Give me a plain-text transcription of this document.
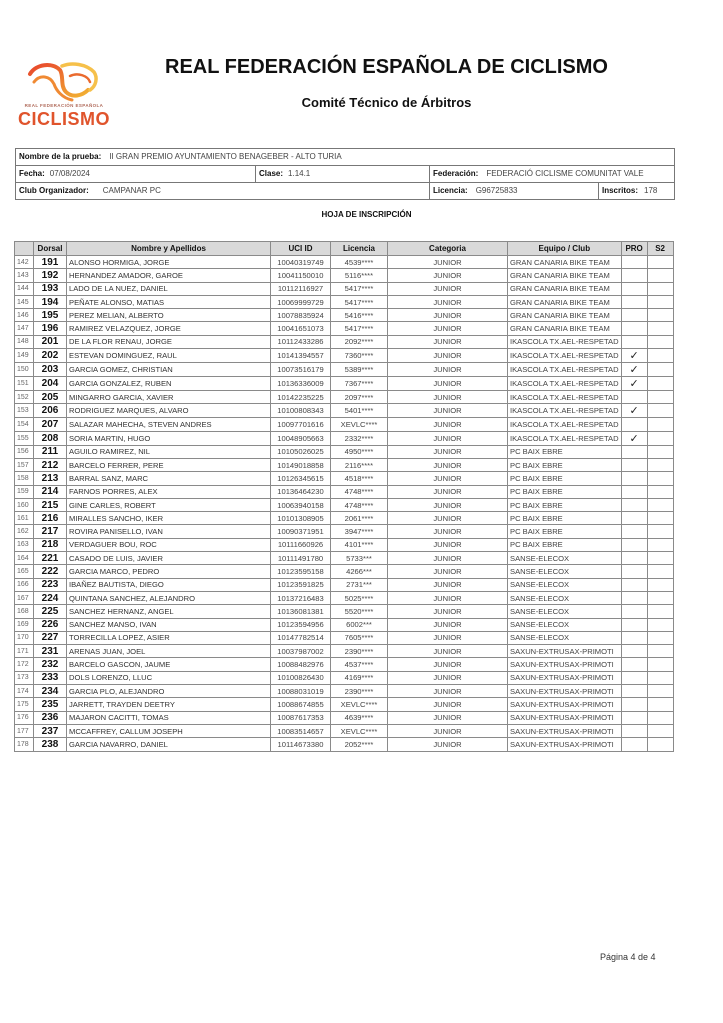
REAL FEDERACIÓN ESPAÑOLA
CICLISMO
REAL FEDERACIÓN ESPAÑOLA DE CICLISMO
Comité Técnico de Árbitros
Nombre de la prueba: II GRAN PREMIO AYUNTAMIENTO BENAGEBER - ALTO TURIA
Fecha: 07/08/2024	Clase: 1.14.1	Federación: FEDERACIÓ CICLISME COMUNITAT VALE
Club Organizador: CAMPANAR PC	Licencia: G96725833	Inscritos: 178
HOJA DE INSCRIPCIÓN
	Dorsal	Nombre y Apellidos	UCI ID	Licencia	Categoria	Equipo / Club	PRO	S2
142	191	ALONSO HORMIGA, JORGE	10040319749	4539****	JUNIOR	GRAN CANARIA BIKE TEAM		
143	192	HERNANDEZ AMADOR, GAROE	10041150010	5116****	JUNIOR	GRAN CANARIA BIKE TEAM		
144	193	LADO DE LA NUEZ, DANIEL	10112116927	5417****	JUNIOR	GRAN CANARIA BIKE TEAM		
145	194	PEÑATE ALONSO, MATIAS	10069999729	5417****	JUNIOR	GRAN CANARIA BIKE TEAM		
146	195	PEREZ MELIAN, ALBERTO	10078835924	5416****	JUNIOR	GRAN CANARIA BIKE TEAM		
147	196	RAMIREZ VELAZQUEZ, JORGE	10041651073	5417****	JUNIOR	GRAN CANARIA BIKE TEAM		
148	201	DE LA FLOR RENAU, JORGE	10112433286	2092****	JUNIOR	IKASCOLA TX.AEL-RESPETAD		
149	202	ESTEVAN DOMINGUEZ, RAUL	10141394557	7360****	JUNIOR	IKASCOLA TX.AEL-RESPETAD	✓	
150	203	GARCIA GOMEZ, CHRISTIAN	10073516179	5389****	JUNIOR	IKASCOLA TX.AEL-RESPETAD	✓	
151	204	GARCIA GONZALEZ, RUBEN	10136336009	7367****	JUNIOR	IKASCOLA TX.AEL-RESPETAD	✓	
152	205	MINGARRO GARCIA, XAVIER	10142235225	2097****	JUNIOR	IKASCOLA TX.AEL-RESPETAD		
153	206	RODRIGUEZ MARQUES, ALVARO	10100808343	5401****	JUNIOR	IKASCOLA TX.AEL-RESPETAD	✓	
154	207	SALAZAR MAHECHA, STEVEN ANDRES	10097701616	XEVLC****	JUNIOR	IKASCOLA TX.AEL-RESPETAD		
155	208	SORIA MARTIN, HUGO	10048905663	2332****	JUNIOR	IKASCOLA TX.AEL-RESPETAD	✓	
156	211	AGUILO RAMIREZ, NIL	10105026025	4950****	JUNIOR	PC BAIX EBRE		
157	212	BARCELO FERRER, PERE	10149018858	2116****	JUNIOR	PC BAIX EBRE		
158	213	BARRAL SANZ, MARC	10126345615	4518****	JUNIOR	PC BAIX EBRE		
159	214	FARNOS PORRES, ALEX	10136464230	4748****	JUNIOR	PC BAIX EBRE		
160	215	GINE CARLES, ROBERT	10063940158	4748****	JUNIOR	PC BAIX EBRE		
161	216	MIRALLES SANCHO, IKER	10101308905	2061****	JUNIOR	PC BAIX EBRE		
162	217	ROVIRA PANISELLO, IVAN	10090371951	3947****	JUNIOR	PC BAIX EBRE		
163	218	VERDAGUER BOU, ROC	10111660926	4101****	JUNIOR	PC BAIX EBRE		
164	221	CASADO DE LUIS, JAVIER	10111491780	5733***	JUNIOR	SANSE-ELECOX		
165	222	GARCIA MARCO, PEDRO	10123595158	4266***	JUNIOR	SANSE-ELECOX		
166	223	IBAÑEZ BAUTISTA, DIEGO	10123591825	2731***	JUNIOR	SANSE-ELECOX		
167	224	QUINTANA SANCHEZ, ALEJANDRO	10137216483	5025****	JUNIOR	SANSE-ELECOX		
168	225	SANCHEZ HERNANZ, ANGEL	10136081381	5520****	JUNIOR	SANSE-ELECOX		
169	226	SANCHEZ MANSO, IVAN	10123594956	6002***	JUNIOR	SANSE-ELECOX		
170	227	TORRECILLA LOPEZ, ASIER	10147782514	7605****	JUNIOR	SANSE-ELECOX		
171	231	ARENAS JUAN, JOEL	10037987002	2390****	JUNIOR	SAXUN-EXTRUSAX-PRIMOTI		
172	232	BARCELO GASCON, JAUME	10088482976	4537****	JUNIOR	SAXUN-EXTRUSAX-PRIMOTI		
173	233	DOLS LORENZO, LLUC	10100826430	4169****	JUNIOR	SAXUN-EXTRUSAX-PRIMOTI		
174	234	GARCIA PLO, ALEJANDRO	10088031019	2390****	JUNIOR	SAXUN-EXTRUSAX-PRIMOTI		
175	235	JARRETT, TRAYDEN DEETRY	10088674855	XEVLC****	JUNIOR	SAXUN-EXTRUSAX-PRIMOTI		
176	236	MAJARON CACITTI, TOMAS	10087617353	4639****	JUNIOR	SAXUN-EXTRUSAX-PRIMOTI		
177	237	MCCAFFREY, CALLUM JOSEPH	10083514657	XEVLC****	JUNIOR	SAXUN-EXTRUSAX-PRIMOTI		
178	238	GARCIA NAVARRO, DANIEL	10114673380	2052****	JUNIOR	SAXUN-EXTRUSAX-PRIMOTI		
Página 4 de 4
